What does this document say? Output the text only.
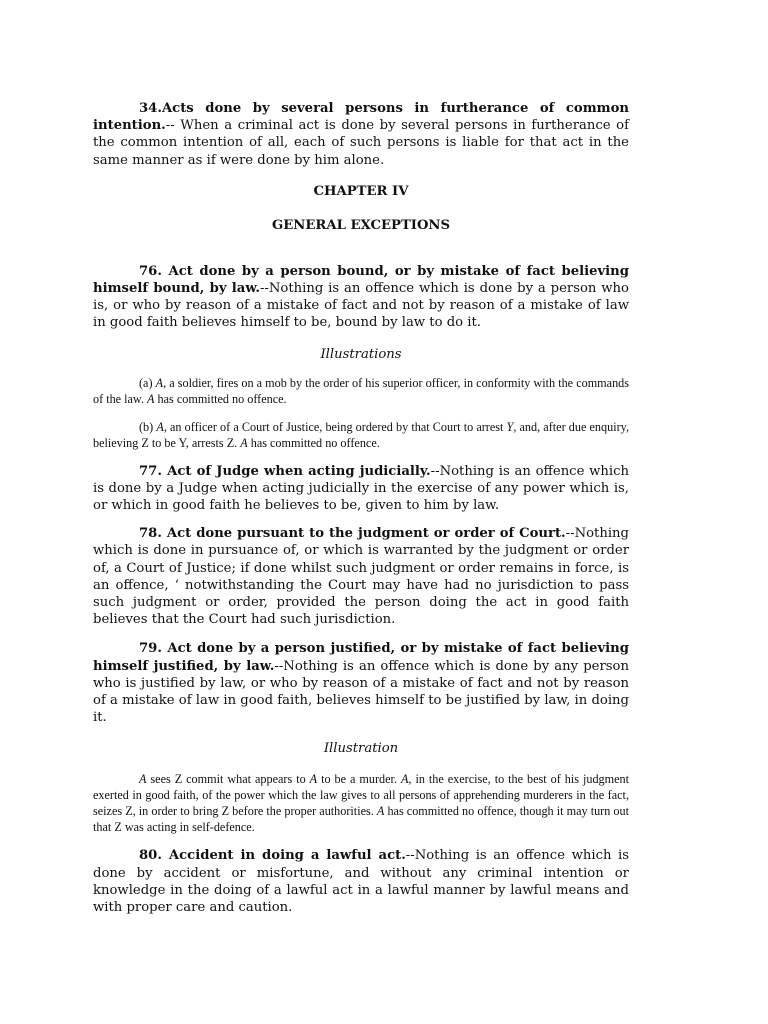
34.Acts done by several persons in furtherance of common intention.-- When a criminal act is done by several persons in furtherance of the common intention of all, each of such persons is liable for that act in the same manner as if were done by him alone.

CHAPTER IV

GENERAL EXCEPTIONS

76. Act done by a person bound, or by mistake of fact believing himself bound, by law.--Nothing is an offence which is done by a person who is, or who by reason of a mistake of fact and not by reason of a mistake of law in good faith believes himself to be, bound by law to do it.

Illustrations

(a) A, a soldier, fires on a mob by the order of his superior officer, in conformity with the commands of the law. A has committed no offence.

(b) A, an officer of a Court of Justice, being ordered by that Court to arrest Y, and, after due enquiry, believing Z to be Y, arrests Z. A has committed no offence.

77. Act of Judge when acting judicially.--Nothing is an offence which is done by a Judge when acting judicially in the exercise of any power which is, or which in good faith he believes to be, given to him by law.

78. Act done pursuant to the judgment or order of Court.--Nothing which is done in pursuance of, or which is warranted by the judgment or order of, a Court of Justice; if done whilst such judgment or order remains in force, is an offence, ‘ notwithstanding the Court may have had no jurisdiction to pass such judgment or order, provided the person doing the act in good faith believes that the Court had such jurisdiction.

79. Act done by a person justified, or by mistake of fact believing himself justified, by law.--Nothing is an offence which is done by any person who is justified by law, or who by reason of a mistake of fact and not by reason of a mistake of law in good faith, believes himself to be justified by law, in doing it.

Illustration

A sees Z commit what appears to A to be a murder. A, in the exercise, to the best of his judgment exerted in good faith, of the power which the law gives to all persons of apprehending murderers in the fact, seizes Z, in order to bring Z before the proper authorities. A has committed no offence, though it may turn out that Z was acting in self-defence.

80. Accident in doing a lawful act.--Nothing is an offence which is done by accident or misfortune, and without any criminal intention or knowledge in the doing of a lawful act in a lawful manner by lawful means and with proper care and caution.
